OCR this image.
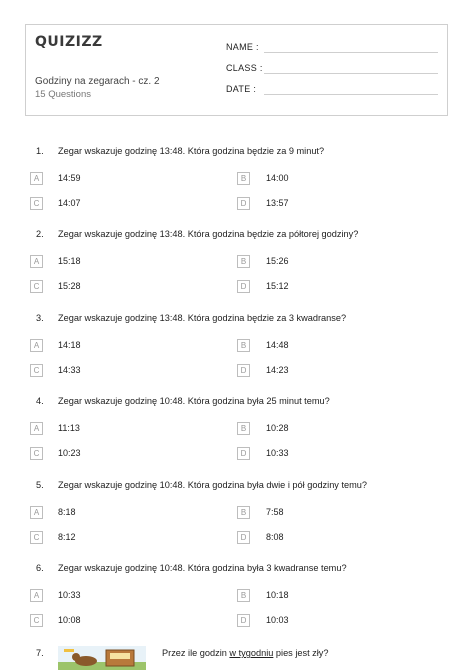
QUIZIZZ
Godziny na zegarach - cz. 2
15 Questions
NAME :
CLASS :
DATE :
1. Zegar wskazuje godzinę 13:48. Która godzina będzie za 9 minut?
A	14:59	B	14:00
C	14:07	D	13:57
2. Zegar wskazuje godzinę 13:48. Która godzina będzie za półtorej godziny?
A	15:18	B	15:26
C	15:28	D	15:12
3. Zegar wskazuje godzinę 13:48. Która godzina będzie za 3 kwadranse?
A	14:18	B	14:48
C	14:33	D	14:23
4. Zegar wskazuje godzinę 10:48. Która godzina była 25 minut temu?
A	11:13	B	10:28
C	10:23	D	10:33
5. Zegar wskazuje godzinę 10:48. Która godzina była dwie i pół godziny temu?
A	8:18	B	7:58
C	8:12	D	8:08
6. Zegar wskazuje godzinę 10:48. Która godzina była 3 kwadranse temu?
A	10:33	B	10:18
C	10:08	D	10:03
7.	Przez ile godzin w tygodniu pies jest zły?
